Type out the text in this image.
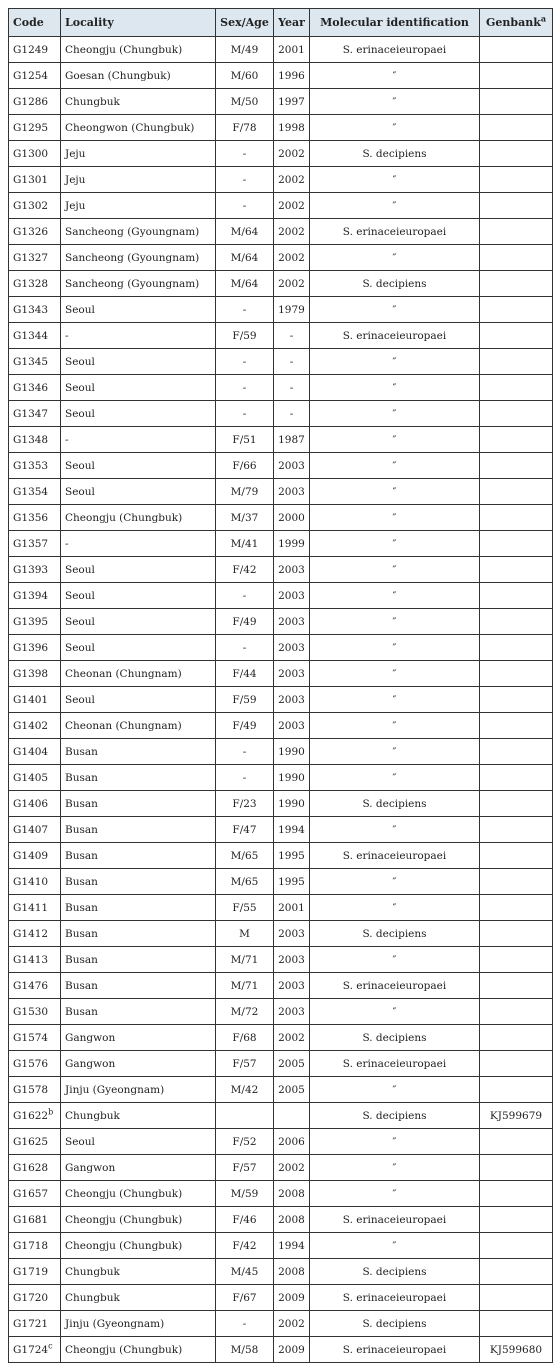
Code	Locality	Sex/Age	Year	Molecular identification	Genbank$^a$
G1249	Cheongju (Chungbuk)	M/49	2001	S. erinaceieuropaei	
G1254	Goesan (Chungbuk)	M/60	1996	″	
G1286	Chungbuk	M/50	1997	″	
G1295	Cheongwon (Chungbuk)	F/78	1998	″	
G1300	Jeju	-	2002	S. decipiens	
G1301	Jeju	-	2002	″	
G1302	Jeju	-	2002	″	
G1326	Sancheong (Gyoungnam)	M/64	2002	S. erinaceieuropaei	
G1327	Sancheong (Gyoungnam)	M/64	2002	″	
G1328	Sancheong (Gyoungnam)	M/64	2002	S. decipiens	
G1343	Seoul	-	1979	″	
G1344	-	F/59	-	S. erinaceieuropaei	
G1345	Seoul	-	-	″	
G1346	Seoul	-	-	″	
G1347	Seoul	-	-	″	
G1348	-	F/51	1987	″	
G1353	Seoul	F/66	2003	″	
G1354	Seoul	M/79	2003	″	
G1356	Cheongju (Chungbuk)	M/37	2000	″	
G1357	-	M/41	1999	″	
G1393	Seoul	F/42	2003	″	
G1394	Seoul	-	2003	″	
G1395	Seoul	F/49	2003	″	
G1396	Seoul	-	2003	″	
G1398	Cheonan (Chungnam)	F/44	2003	″	
G1401	Seoul	F/59	2003	″	
G1402	Cheonan (Chungnam)	F/49	2003	″	
G1404	Busan	-	1990	″	
G1405	Busan	-	1990	″	
G1406	Busan	F/23	1990	S. decipiens	
G1407	Busan	F/47	1994	″	
G1409	Busan	M/65	1995	S. erinaceieuropaei	
G1410	Busan	M/65	1995	″	
G1411	Busan	F/55	2001	″	
G1412	Busan	M	2003	S. decipiens	
G1413	Busan	M/71	2003	″	
G1476	Busan	M/71	2003	S. erinaceieuropaei	
G1530	Busan	M/72	2003	″	
G1574	Gangwon	F/68	2002	S. decipiens	
G1576	Gangwon	F/57	2005	S. erinaceieuropaei	
G1578	Jinju (Gyeongnam)	M/42	2005	″	
G1622$^b$	Chungbuk			S. decipiens	KJ599679
G1625	Seoul	F/52	2006	″	
G1628	Gangwon	F/57	2002	″	
G1657	Cheongju (Chungbuk)	M/59	2008	″	
G1681	Cheongju (Chungbuk)	F/46	2008	S. erinaceieuropaei	
G1718	Cheongju (Chungbuk)	F/42	1994	″	
G1719	Chungbuk	M/45	2008	S. decipiens	
G1720	Chungbuk	F/67	2009	S. erinaceieuropaei	
G1721	Jinju (Gyeongnam)	-	2002	S. decipiens	
G1724$^c$	Cheongju (Chungbuk)	M/58	2009	S. erinaceieuropaei	KJ599680
